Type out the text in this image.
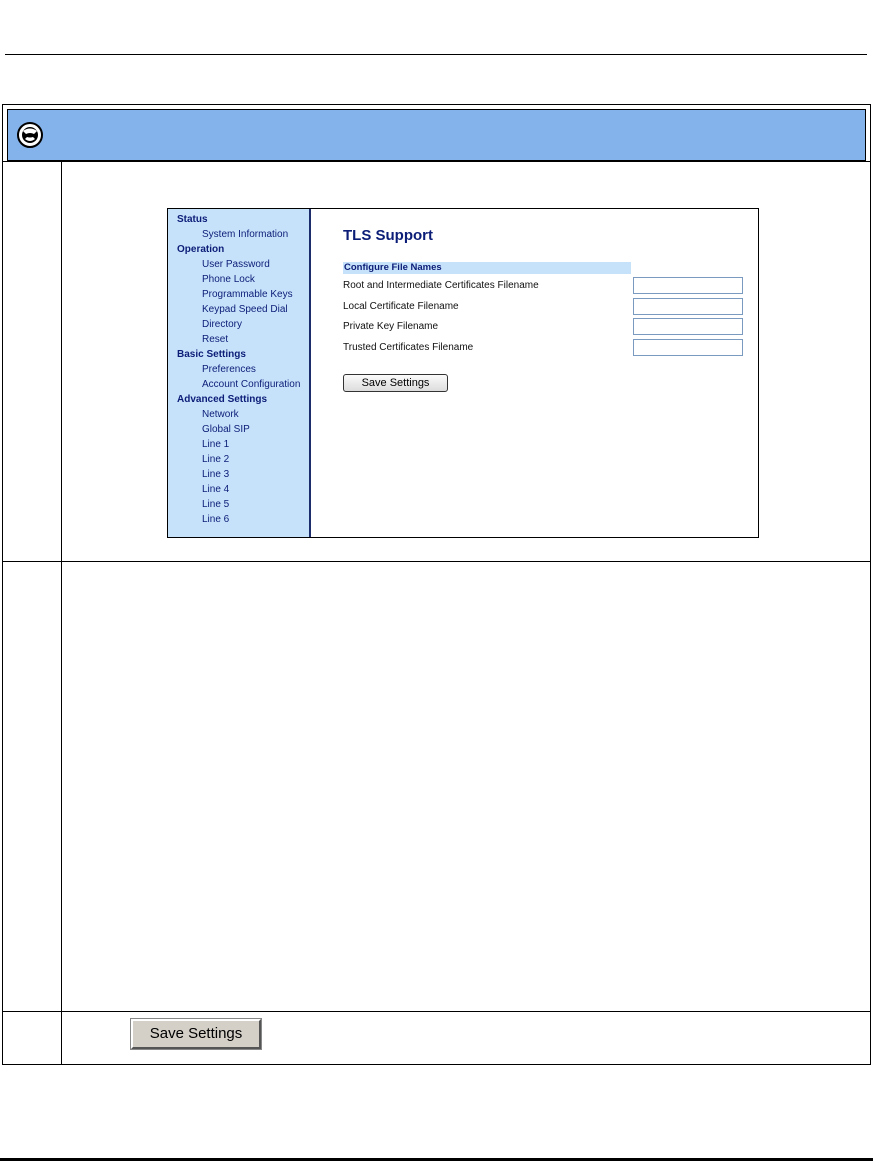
Status
System Information
Operation
User Password
Phone Lock
Programmable Keys
Keypad Speed Dial
Directory
Reset
Basic Settings
Preferences
Account Configuration
Advanced Settings
Network
Global SIP
Line 1
Line 2
Line 3
Line 4
Line 5
Line 6
TLS Support
Configure File Names
Root and Intermediate Certificates Filename
Local Certificate Filename
Private Key Filename
Trusted Certificates Filename
Save Settings
Save Settings
